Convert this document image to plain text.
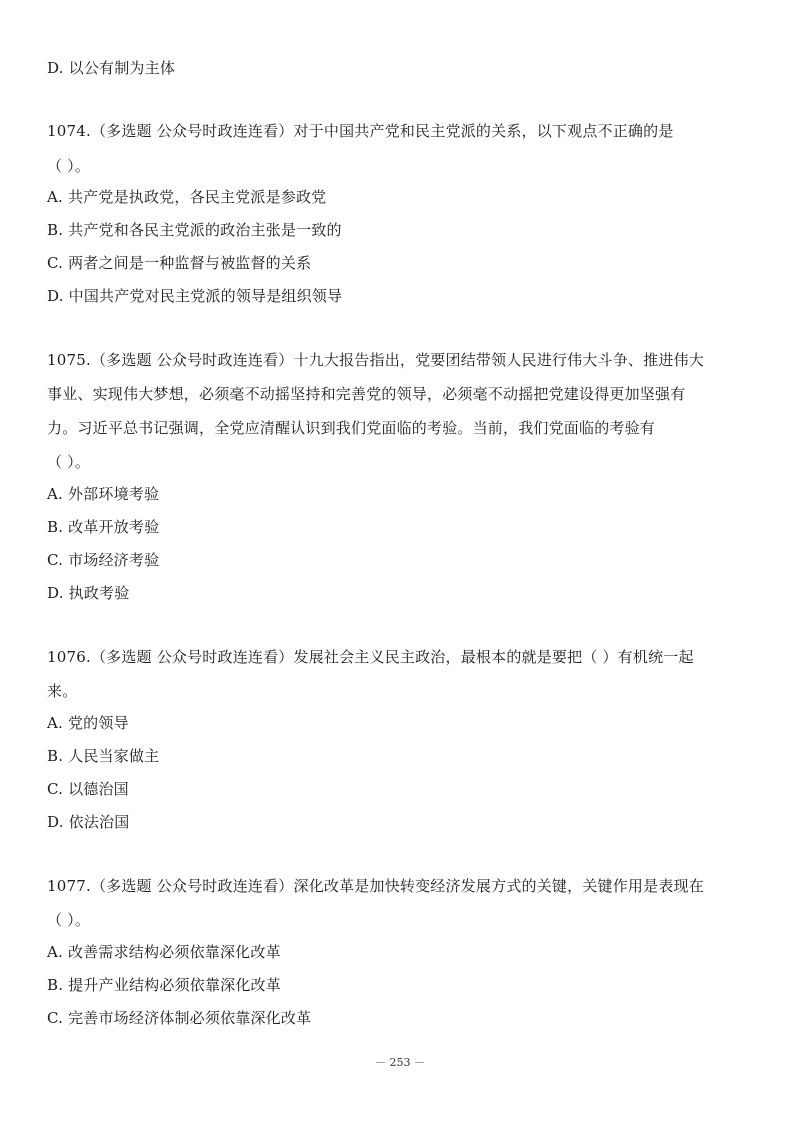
D. 以公有制为主体
1074.（多选题 公众号时政连连看）对于中国共产党和民主党派的关系，以下观点不正确的是
（ ）。
A. 共产党是执政党，各民主党派是参政党
B. 共产党和各民主党派的政治主张是一致的
C. 两者之间是一种监督与被监督的关系
D. 中国共产党对民主党派的领导是组织领导
1075.（多选题 公众号时政连连看）十九大报告指出，党要团结带领人民进行伟大斗争、推进伟大
事业、实现伟大梦想，必须毫不动摇坚持和完善党的领导，必须毫不动摇把党建设得更加坚强有
力。习近平总书记强调，全党应清醒认识到我们党面临的考验。当前，我们党面临的考验有
（ ）。
A. 外部环境考验
B. 改革开放考验
C. 市场经济考验
D. 执政考验
1076.（多选题 公众号时政连连看）发展社会主义民主政治，最根本的就是要把（ ）有机统一起
来。
A. 党的领导
B. 人民当家做主
C. 以德治国
D. 依法治国
1077.（多选题 公众号时政连连看）深化改革是加快转变经济发展方式的关键，关键作用是表现在
（ ）。
A. 改善需求结构必须依靠深化改革
B. 提升产业结构必须依靠深化改革
C. 完善市场经济体制必须依靠深化改革
－ 253 －
